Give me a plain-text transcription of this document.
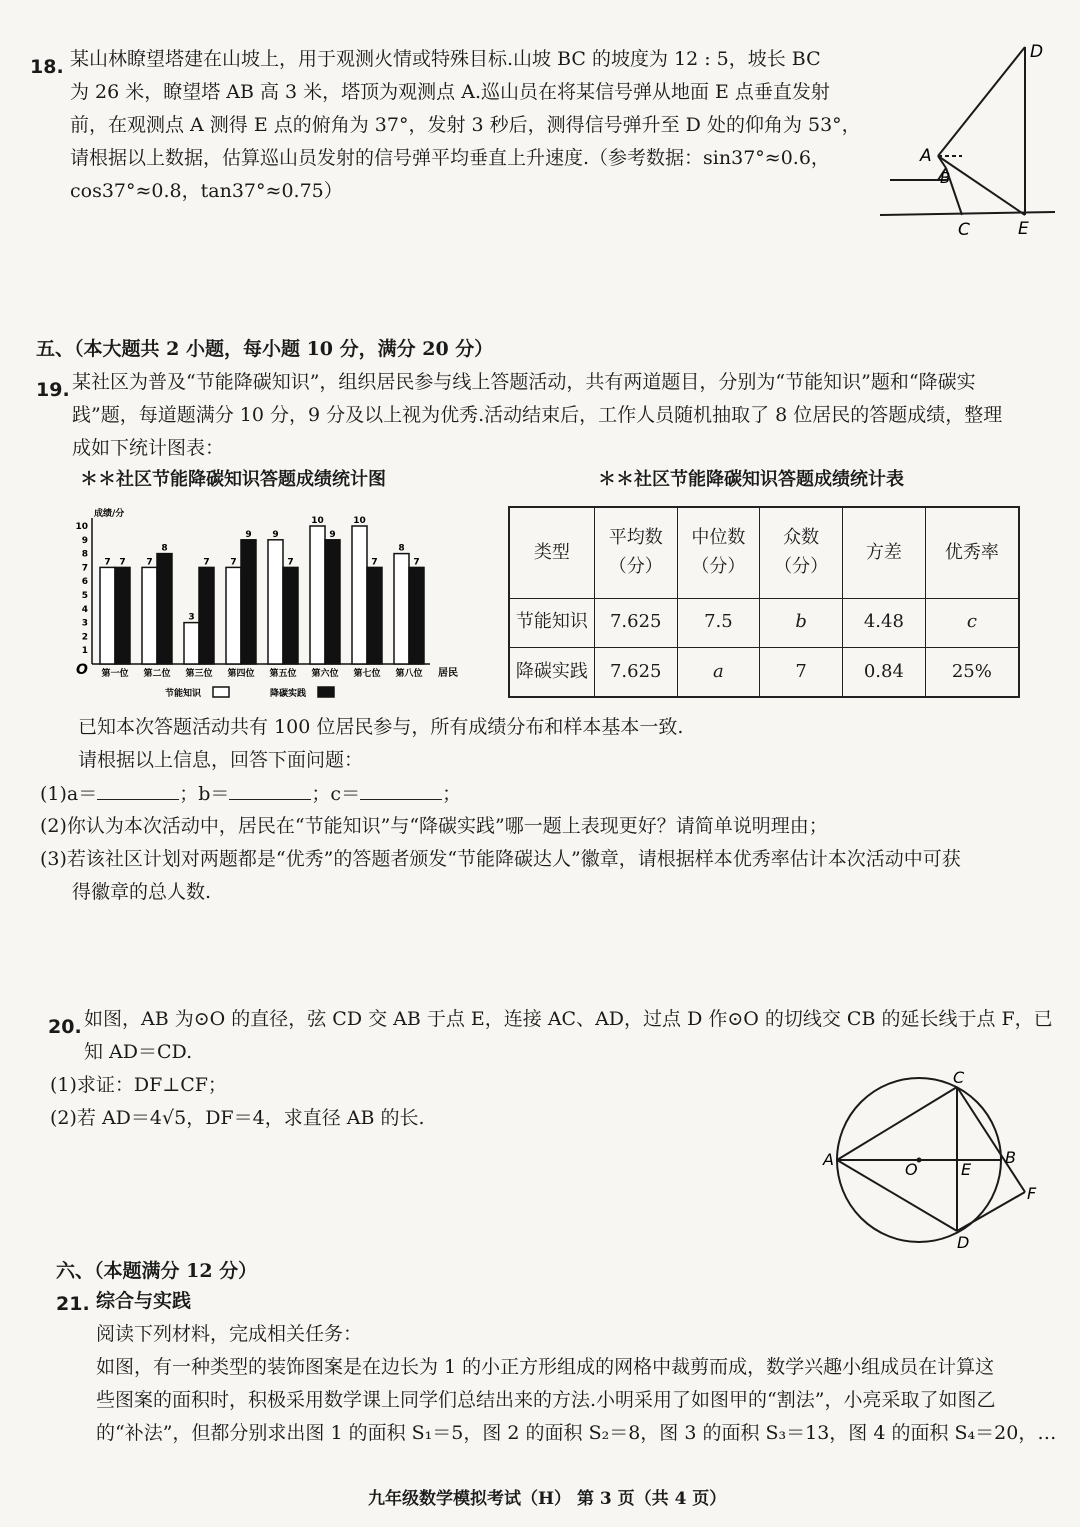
18. 某山林瞭望塔建在山坡上，用于观测火情或特殊目标.山坡 BC 的坡度为 12 : 5，坡长 BC
为 26 米，瞭望塔 AB 高 3 米，塔顶为观测点 A.巡山员在将某信号弹从地面 E 点垂直发射
前，在观测点 A 测得 E 点的俯角为 37°，发射 3 秒后，测得信号弹升至 D 处的仰角为 53°，
请根据以上数据，估算巡山员发射的信号弹平均垂直上升速度.（参考数据：sin37°≈0.6，
cos37°≈0.8，tan37°≈0.75）
D
A
B
C	E
五、（本大题共 2 小题，每小题 10 分，满分 20 分）
19. 某社区为普及“节能降碳知识”，组织居民参与线上答题活动，共有两道题目，分别为“节能知识”题和“降碳实
践”题，每道题满分 10 分，9 分及以上视为优秀.活动结束后，工作人员随机抽取了 8 位居民的答题成绩，整理
成如下统计图表：
＊＊社区节能降碳知识答题成绩统计图	＊＊社区节能降碳知识答题成绩统计表
成绩/分
O	居民
1
2
3
4
5
6
7
8
9
10
7 7
第一位
7
8
第二位
3
7
第三位
7
9
第四位
9
7
第五位
10
9
第六位
10
7
第七位
8
7
第八位
节能知识	降碳实践
类型	平均数（分）	中位数（分）	众数（分）	方差	优秀率
节能知识	7.625	7.5	b	4.48	c
降碳实践	7.625	a	7	0.84	25%
已知本次答题活动共有 100 位居民参与，所有成绩分布和样本基本一致.
请根据以上信息，回答下面问题：
(1)a＝	；b＝	；c＝	；
(2)你认为本次活动中，居民在“节能知识”与“降碳实践”哪一题上表现更好？请简单说明理由；
(3)若该社区计划对两题都是“优秀”的答题者颁发“节能降碳达人”徽章，请根据样本优秀率估计本次活动中可获
得徽章的总人数.
20. 如图，AB 为⊙O 的直径，弦 CD 交 AB 于点 E，连接 AC、AD，过点 D 作⊙O 的切线交 CB 的延长线于点 F，已
知 AD＝CD.
(1)求证：DF⊥CF；
(2)若 AD＝4√5，DF＝4，求直径 AB 的长.
C
A
O	E
B
F
D
六、（本题满分 12 分）
21. 综合与实践
阅读下列材料，完成相关任务：
如图，有一种类型的装饰图案是在边长为 1 的小正方形组成的网格中裁剪而成，数学兴趣小组成员在计算这
些图案的面积时，积极采用数学课上同学们总结出来的方法.小明采用了如图甲的“割法”，小亮采取了如图乙
的“补法”，但都分别求出图 1 的面积 S₁＝5，图 2 的面积 S₂＝8，图 3 的面积 S₃＝13，图 4 的面积 S₄＝20，…
九年级数学模拟考试（H） 第 3 页（共 4 页）
